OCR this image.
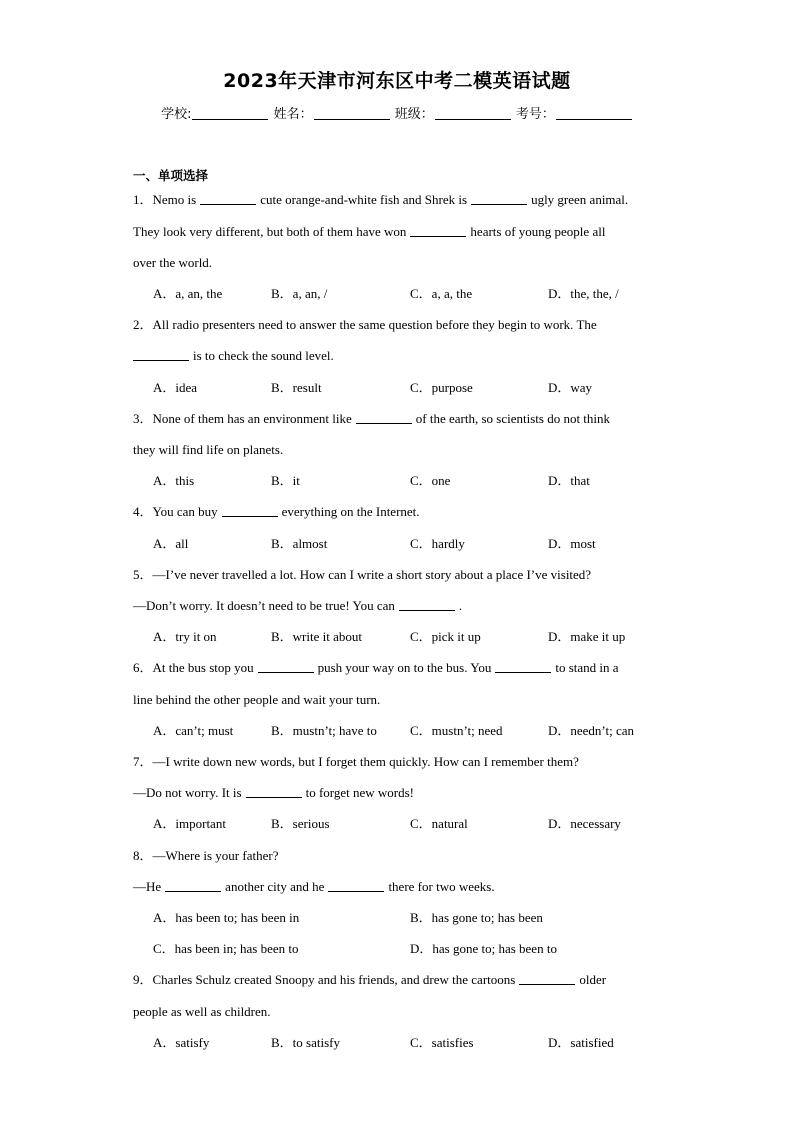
2023年天津市河东区中考二模英语试题
学校:	姓名：	班级：	考号：
一、单项选择
1．Nemo is	cute orange-and-white fish and Shrek is	ugly green animal.
They look very different, but both of them have won	hearts of young people all
over the world.
A．a, an, the	B．a, an, /	C．a, a, the	D．the, the, /
2．All radio presenters need to answer the same question before they begin to work. The
is to check the sound level.
A．idea	B．result	C．purpose	D．way
3．None of them has an environment like	of the earth, so scientists do not think
they will find life on planets.
A．this	B．it	C．one	D．that
4．You can buy	everything on the Internet.
A．all	B．almost	C．hardly	D．most
5．—I’ve never travelled a lot. How can I write a short story about a place I’ve visited?
—Don’t worry. It doesn’t need to be true! You can	.
A．try it on	B．write it about	C．pick it up	D．make it up
6．At the bus stop you	push your way on to the bus. You	to stand in a
line behind the other people and wait your turn.
A．can’t; must	B．mustn’t; have to	C．mustn’t; need	D．needn’t; can
7．—I write down new words, but I forget them quickly. How can I remember them?
—Do not worry. It is	to forget new words!
A．important	B．serious	C．natural	D．necessary
8．—Where is your father?
—He	another city and he	there for two weeks.
A．has been to; has been in	B．has gone to; has been
C．has been in; has been to	D．has gone to; has been to
9．Charles Schulz created Snoopy and his friends, and drew the cartoons	older
people as well as children.
A．satisfy	B．to satisfy	C．satisfies	D．satisfied
